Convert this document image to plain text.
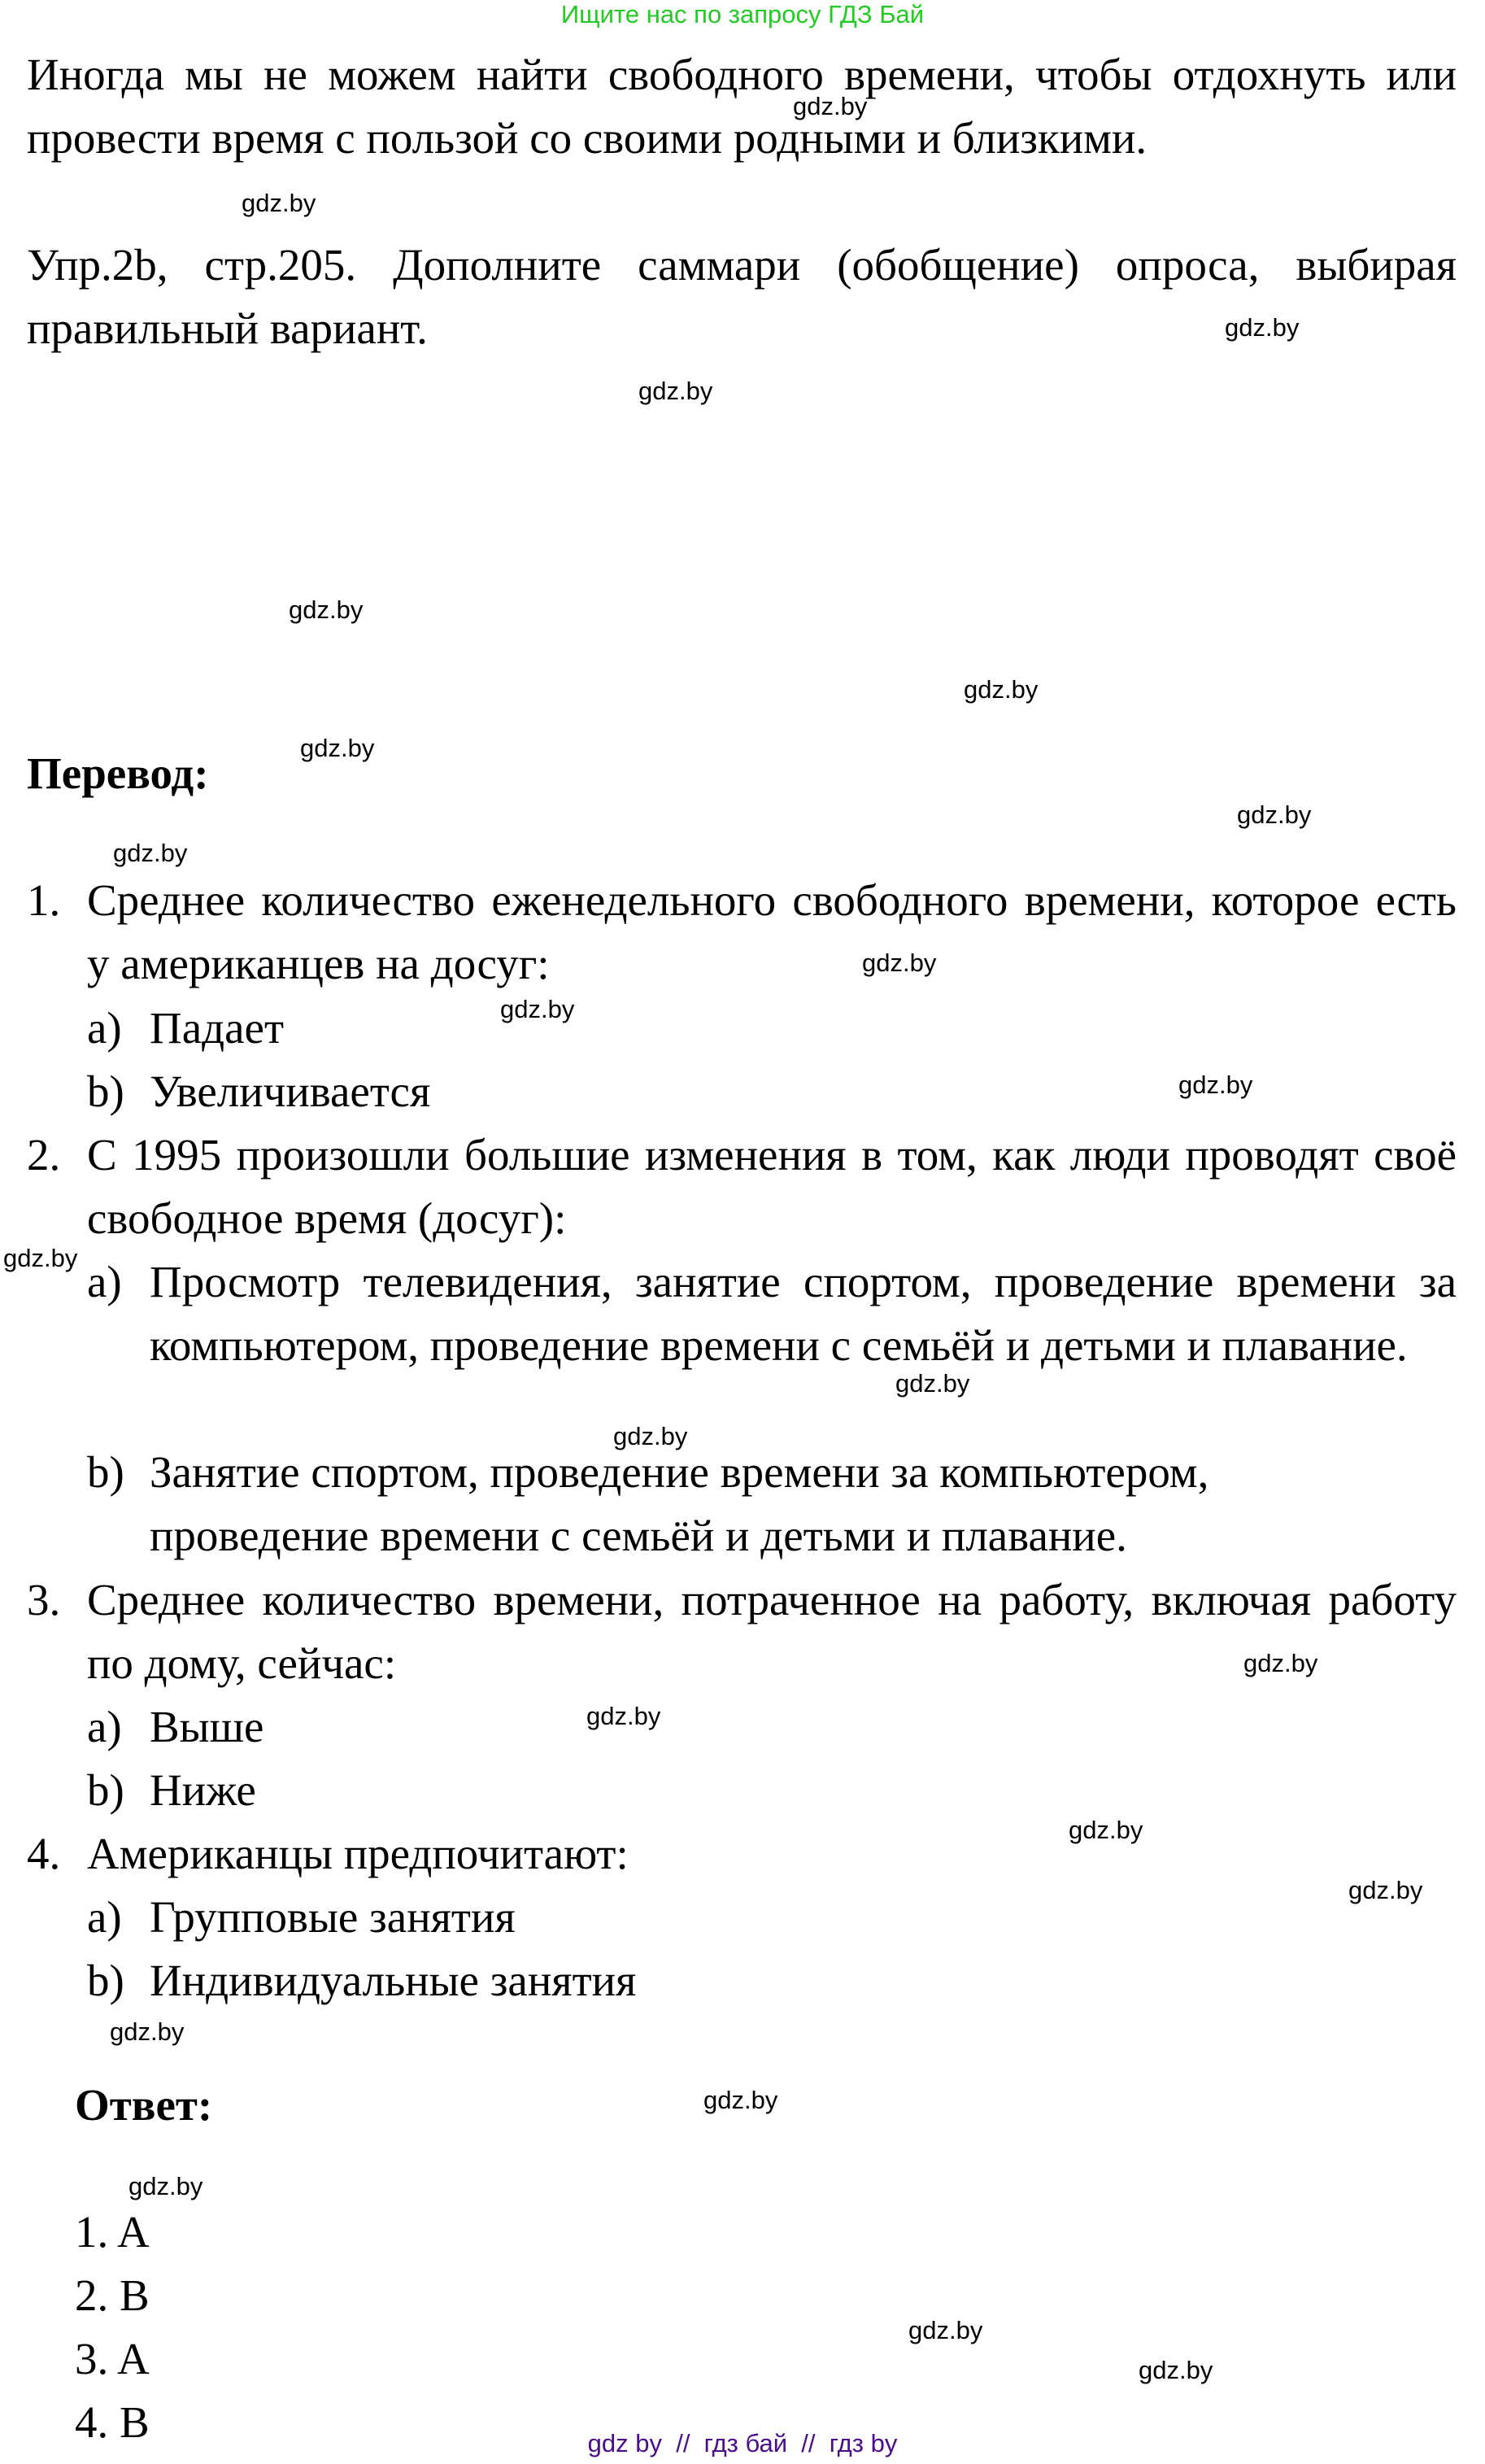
Ищите нас по запросу ГДЗ Бай
Иногда мы не можем найти свободного времени, чтобы отдохнуть или провести время с пользой со своими родными и близкими.
Упр.2b, стр.205. Дополните саммари (обобщение) опроса, выбирая правильный вариант.
Перевод:
1. Среднее количество еженедельного свободного времени, которое есть у американцев на досуг:
a) Падает
b) Увеличивается
2. С 1995 произошли большие изменения в том, как люди проводят своё свободное время (досуг):
a) Просмотр телевидения, занятие спортом, проведение времени за компьютером, проведение времени с семьёй и детьми и плавание.
b) Занятие спортом, проведение времени за компьютером, проведение времени с семьёй и детьми и плавание.
3. Среднее количество времени, потраченное на работу, включая работу по дому, сейчас:
a) Выше
b) Ниже
4. Американцы предпочитают:
a) Групповые занятия
b) Индивидуальные занятия
Ответ:
1. A
2. B
3. A
4. B
gdz.by
gdz.by
gdz.by
gdz.by
gdz.by
gdz.by
gdz.by
gdz.by
gdz.by
gdz.by
gdz.by
gdz.by
gdz.by
gdz.by
gdz.by
gdz.by
gdz.by
gdz.by
gdz.by
gdz.by
gdz.by
gdz.by
gdz.by
gdz.by
gdz by  //  гдз бай  //  гдз by
